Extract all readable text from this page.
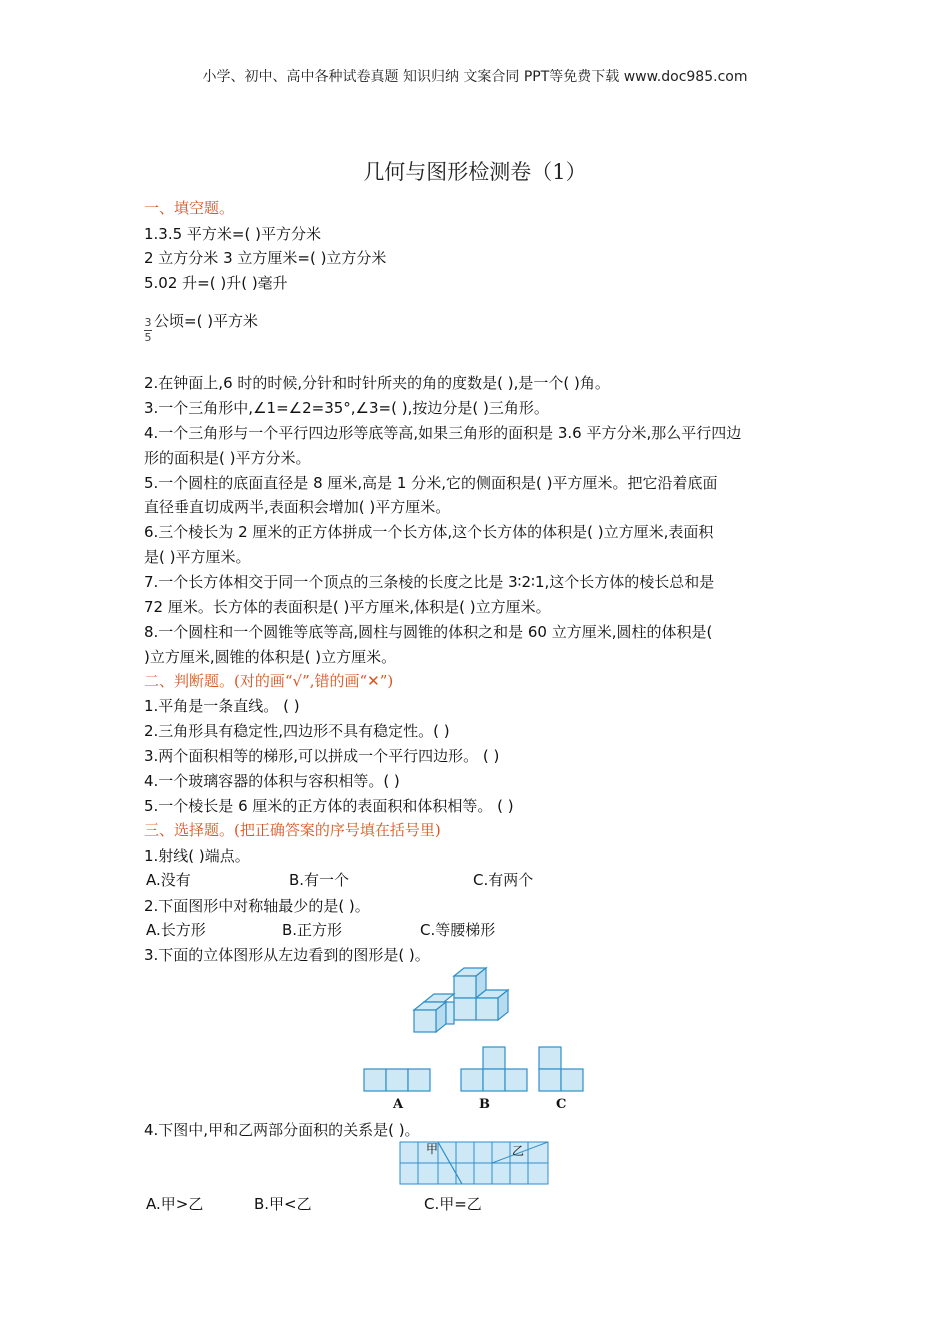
小学、初中、高中各种试卷真题 知识归纳 文案合同 PPT等免费下载 www.doc985.com
几何与图形检测卷（1）
一、填空题。
1.3.5 平方米=( )平方分米
2 立方分米 3 立方厘米=( )立方分米
5.02 升=( )升( )毫升
$\frac{3}{5}$ 公顷=( )平方米
2.在钟面上,6 时的时候,分针和时针所夹的角的度数是( ),是一个( )角。
3.一个三角形中,∠1=∠2=35°,∠3=( ),按边分是( )三角形。
4.一个三角形与一个平行四边形等底等高,如果三角形的面积是 3.6 平方分米,那么平行四边
形的面积是( )平方分米。
5.一个圆柱的底面直径是 8 厘米,高是 1 分米,它的侧面积是( )平方厘米。把它沿着底面
直径垂直切成两半,表面积会增加( )平方厘米。
6.三个棱长为 2 厘米的正方体拼成一个长方体,这个长方体的体积是( )立方厘米,表面积
是( )平方厘米。
7.一个长方体相交于同一个顶点的三条棱的长度之比是 3∶2∶1,这个长方体的棱长总和是
72 厘米。长方体的表面积是( )平方厘米,体积是( )立方厘米。
8.一个圆柱和一个圆锥等底等高,圆柱与圆锥的体积之和是 60 立方厘米,圆柱的体积是(
)立方厘米,圆锥的体积是( )立方厘米。
二、判断题。(对的画“√”,错的画“✕”)
1.平角是一条直线。 ( )
2.三角形具有稳定性,四边形不具有稳定性。( )
3.两个面积相等的梯形,可以拼成一个平行四边形。 ( )
4.一个玻璃容器的体积与容积相等。( )
5.一个棱长是 6 厘米的正方体的表面积和体积相等。 ( )
三、选择题。(把正确答案的序号填在括号里)
1.射线( )端点。
A.没有	B.有一个	C.有两个
2.下面图形中对称轴最少的是( )。
A.长方形	B.正方形	C.等腰梯形
3.下面的立体图形从左边看到的图形是( )。
A	B	C
4.下图中,甲和乙两部分面积的关系是( )。
甲	乙
A.甲>乙	B.甲<乙	C.甲=乙
